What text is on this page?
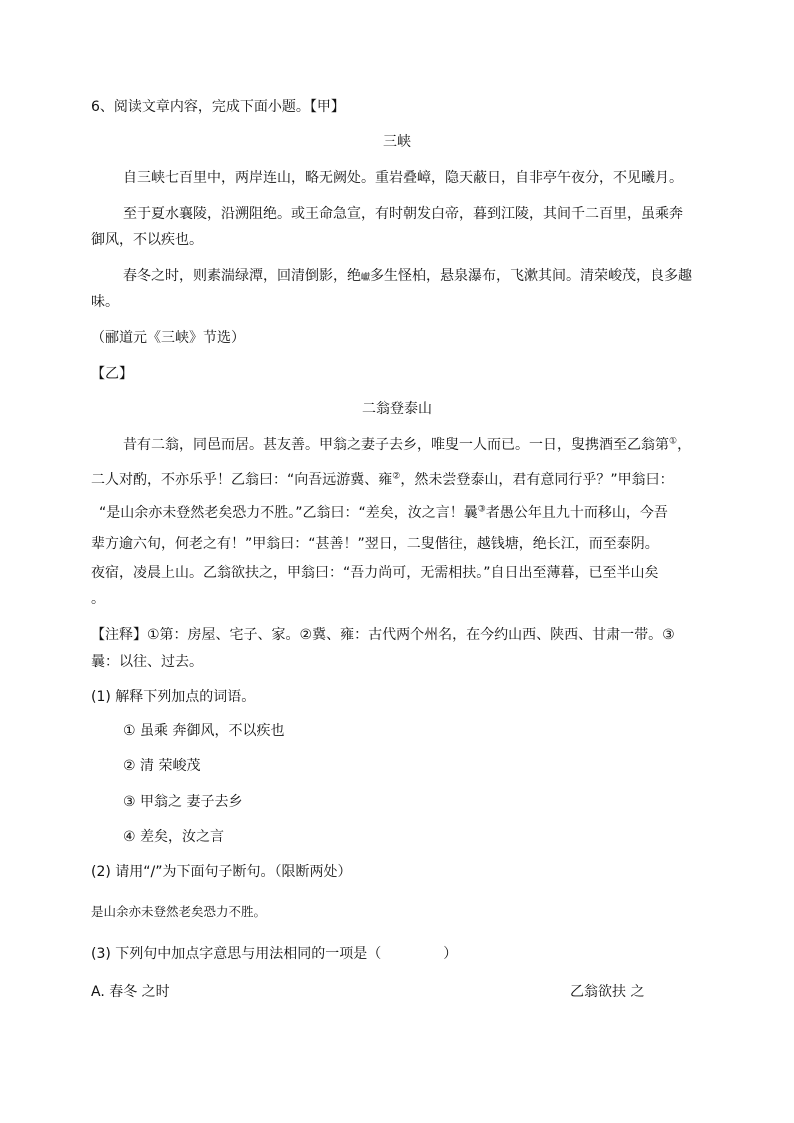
6、阅读文章内容，完成下面小题。【甲】
三峡
自三峡七百里中，两岸连山，略无阙处。重岩叠嶂，隐天蔽日，自非亭午夜分，不见曦月。
至于夏水襄陵，沿溯阻绝。或王命急宣，有时朝发白帝，暮到江陵，其间千二百里，虽乘奔
御风，不以疾也。
春冬之时，则素湍绿潭，回清倒影，绝巘多生怪柏，悬泉瀑布，飞漱其间。清荣峻茂，良多趣
味。
（郦道元《三峡》节选）
【乙】
二翁登泰山
昔有二翁，同邑而居。甚友善。甲翁之妻子去乡，唯叟一人而已。一日，叟携酒至乙翁第①，
二人对酌，不亦乐乎！乙翁曰：“向吾远游冀、雍②，然未尝登泰山，君有意同行乎？”甲翁曰：
“是山余亦未登然老矣恐力不胜。”乙翁曰：“差矣，汝之言！曩③者愚公年且九十而移山，今吾
辈方逾六旬，何老之有！”甲翁曰：“甚善！”翌日，二叟偕往，越钱塘，绝长江，而至泰阴。
夜宿，凌晨上山。乙翁欲扶之，甲翁曰：“吾力尚可，无需相扶。”自日出至薄暮，已至半山矣
。
【注释】①第：房屋、宅子、家。②冀、雍：古代两个州名，在今约山西、陕西、甘肃一带。③
曩：以往、过去。
(1) 解释下列加点的词语。
① 虽乘 奔御风，不以疾也
② 清 荣峻茂
③ 甲翁之 妻子去乡
④ 差矣，汝之言
(2) 请用“/”为下面句子断句。（限断两处）
是山余亦未登然老矣恐力不胜。
(3) 下列句中加点字意思与用法相同的一项是（	）
A. 春冬 之时	乙翁欲扶 之
